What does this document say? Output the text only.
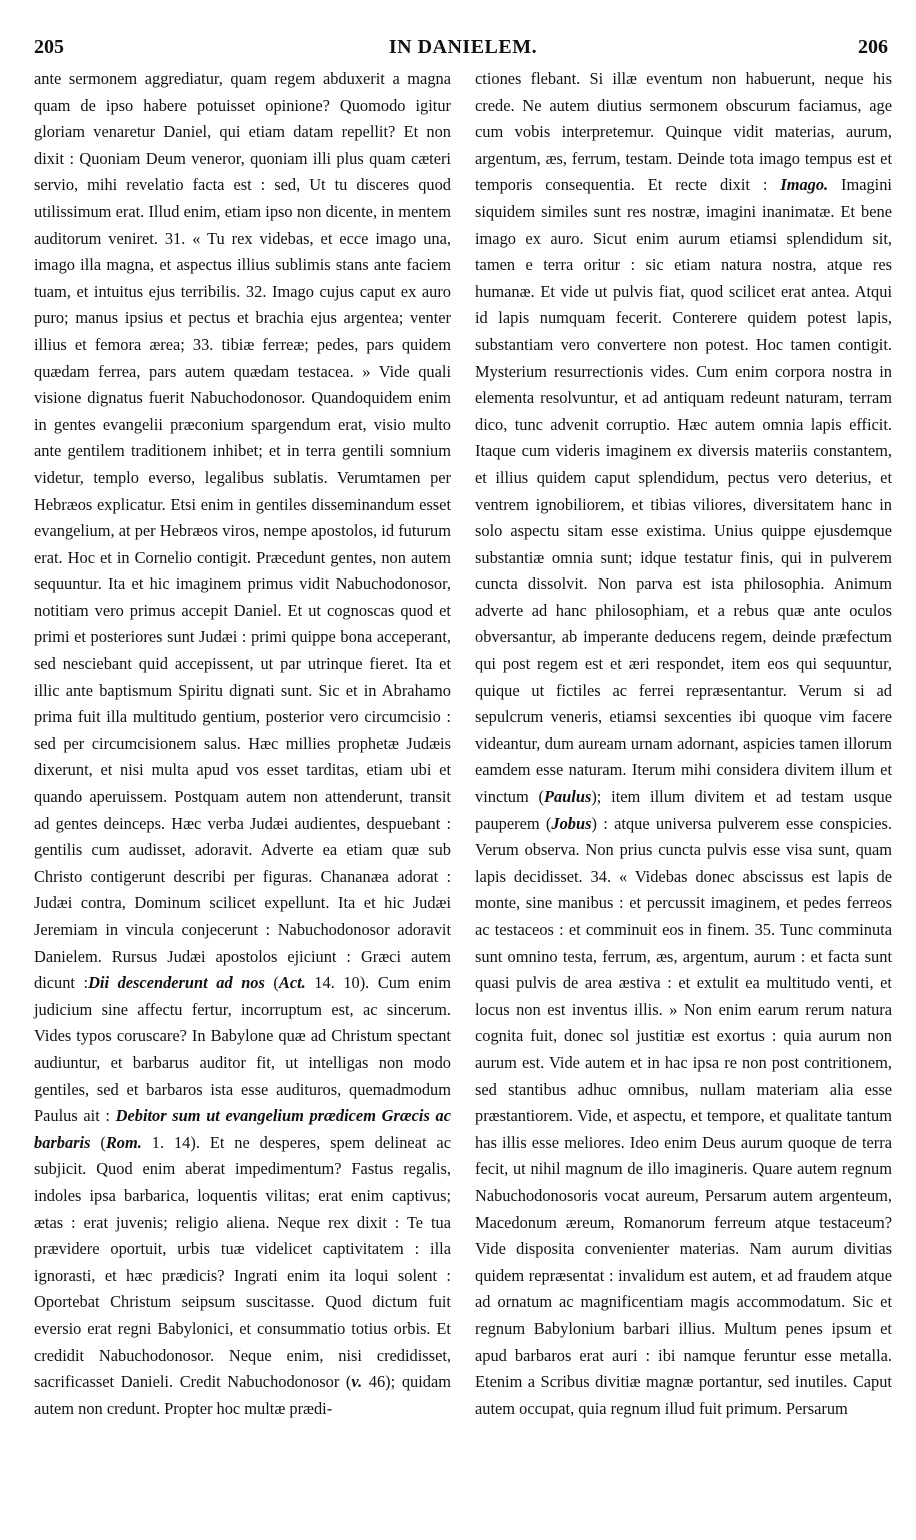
205	IN DANIELEM.	206

ante sermonem aggrediatur, quam regem abduxerit a magna quam de ipso habere potuisset opinione? Quomodo igitur gloriam venaretur Daniel, qui etiam datam repellit? Et non dixit : Quoniam Deum veneror, quoniam illi plus quam cæteri servio, mihi revelatio facta est : sed, Ut tu disceres quod utilissimum erat. Illud enim, etiam ipso non dicente, in mentem auditorum veniret. 31. « Tu rex videbas, et ecce imago una, imago illa magna, et aspectus illius sublimis stans ante faciem tuam, et intuitus ejus terribilis. 32. Imago cujus caput ex auro puro; manus ipsius et pectus et brachia ejus argentea; venter illius et femora ærea; 33. tibiæ ferreæ; pedes, pars quidem quædam ferrea, pars autem quædam testacea. » Vide quali visione dignatus fuerit Nabuchodonosor. Quandoquidem enim in gentes evangelii præconium spargendum erat, visio multo ante gentilem traditionem inhibet; et in terra gentili somnium videtur, templo everso, legalibus sublatis. Verumtamen per Hebræos explicatur. Etsi enim in gentiles disseminandum esset evangelium, at per Hebræos viros, nempe apostolos, id futurum erat. Hoc et in Cornelio contigit. Præcedunt gentes, non autem sequuntur. Ita et hic imaginem primus vidit Nabuchodonosor, notitiam vero primus accepit Daniel. Et ut cognoscas quod et primi et posteriores sunt Judæi : primi quippe bona acceperant, sed nesciebant quid accepissent, ut par utrinque fieret. Ita et illic ante baptismum Spiritu dignati sunt. Sic et in Abrahamo prima fuit illa multitudo gentium, posterior vero circumcisio : sed per circumcisionem salus. Hæc millies prophetæ Judæis dixerunt, et nisi multa apud vos esset tarditas, etiam ubi et quando aperuissem. Postquam autem non attenderunt, transit ad gentes deinceps. Hæc verba Judæi audientes, despuebant : gentilis cum audisset, adoravit. Adverte ea etiam quæ sub Christo contigerunt describi per figuras. Chananæa adorat : Judæi contra, Dominum scilicet expellunt. Ita et hic Judæi Jeremiam in vincula conjecerunt : Nabuchodonosor adoravit Danielem. Rursus Judæi apostolos ejiciunt : Græci autem dicunt :Dii descenderunt ad nos (Act. 14. 10). Cum enim judicium sine affectu fertur, incorruptum est, ac sincerum. Vides typos coruscare? In Babylone quæ ad Christum spectant audiuntur, et barbarus auditor fit, ut intelligas non modo gentiles, sed et barbaros ista esse audituros, quemadmodum Paulus ait : Debitor sum ut evangelium prædicem Græcis ac barbaris (Rom. 1. 14). Et ne desperes, spem delineat ac subjicit. Quod enim aberat impedimentum? Fastus regalis, indoles ipsa barbarica, loquentis vilitas; erat enim captivus; ætas : erat juvenis; religio aliena. Neque rex dixit : Te tua prævidere oportuit, urbis tuæ videlicet captivitatem : illa ignorasti, et hæc prædicis? Ingrati enim ita loqui solent : Oportebat Christum seipsum suscitasse. Quod dictum fuit eversio erat regni Babylonici, et consummatio totius orbis. Et credidit Nabuchodonosor. Neque enim, nisi credidisset, sacrificasset Danieli. Credit Nabuchodonosor (v. 46); quidam autem non credunt. Propter hoc multæ prædi-

ctiones flebant. Si illæ eventum non habuerunt, neque his crede. Ne autem diutius sermonem obscurum faciamus, age cum vobis interpretemur. Quinque vidit materias, aurum, argentum, æs, ferrum, testam. Deinde tota imago tempus est et temporis consequentia. Et recte dixit : Imago. Imagini siquidem similes sunt res nostræ, imagini inanimatæ. Et bene imago ex auro. Sicut enim aurum etiamsi splendidum sit, tamen e terra oritur : sic etiam natura nostra, atque res humanæ. Et vide ut pulvis fiat, quod scilicet erat antea. Atqui id lapis numquam fecerit. Conterere quidem potest lapis, substantiam vero convertere non potest. Hoc tamen contigit. Mysterium resurrectionis vides. Cum enim corpora nostra in elementa resolvuntur, et ad antiquam redeunt naturam, terram dico, tunc advenit corruptio. Hæc autem omnia lapis efficit. Itaque cum videris imaginem ex diversis materiis constantem, et illius quidem caput splendidum, pectus vero deterius, et ventrem ignobiliorem, et tibias viliores, diversitatem hanc in solo aspectu sitam esse existima. Unius quippe ejusdemque substantiæ omnia sunt; idque testatur finis, qui in pulverem cuncta dissolvit. Non parva est ista philosophia. Animum adverte ad hanc philosophiam, et a rebus quæ ante oculos obversantur, ab imperante deducens regem, deinde præfectum qui post regem est et æri respondet, item eos qui sequuntur, quique ut fictiles ac ferrei repræsentantur. Verum si ad sepulcrum veneris, etiamsi sexcenties ibi quoque vim facere videantur, dum auream urnam adornant, aspicies tamen illorum eamdem esse naturam. Iterum mihi considera divitem illum et vinctum (Paulus); item illum divitem et ad testam usque pauperem (Jobus) : atque universa pulverem esse conspicies. Verum observa. Non prius cuncta pulvis esse visa sunt, quam lapis decidisset. 34. « Videbas donec abscissus est lapis de monte, sine manibus : et percussit imaginem, et pedes ferreos ac testaceos : et comminuit eos in finem. 35. Tunc comminuta sunt omnino testa, ferrum, æs, argentum, aurum : et facta sunt quasi pulvis de area æstiva : et extulit ea multitudo venti, et locus non est inventus illis. » Non enim earum rerum natura cognita fuit, donec sol justitiæ est exortus : quia aurum non aurum est. Vide autem et in hac ipsa re non post contritionem, sed stantibus adhuc omnibus, nullam materiam alia esse præstantiorem. Vide, et aspectu, et tempore, et qualitate tantum has illis esse meliores. Ideo enim Deus aurum quoque de terra fecit, ut nihil magnum de illo imagineris. Quare autem regnum Nabuchodonosoris vocat aureum, Persarum autem argenteum, Macedonum æreum, Romanorum ferreum atque testaceum? Vide disposita convenienter materias. Nam aurum divitias quidem repræsentat : invalidum est autem, et ad fraudem atque ad ornatum ac magnificentiam magis accommodatum. Sic et regnum Babylonium barbari illius. Multum penes ipsum et apud barbaros erat auri : ibi namque feruntur esse metalla. Etenim a Scribus divitiæ magnæ portantur, sed inutiles. Caput autem occupat, quia regnum illud fuit primum. Persarum
